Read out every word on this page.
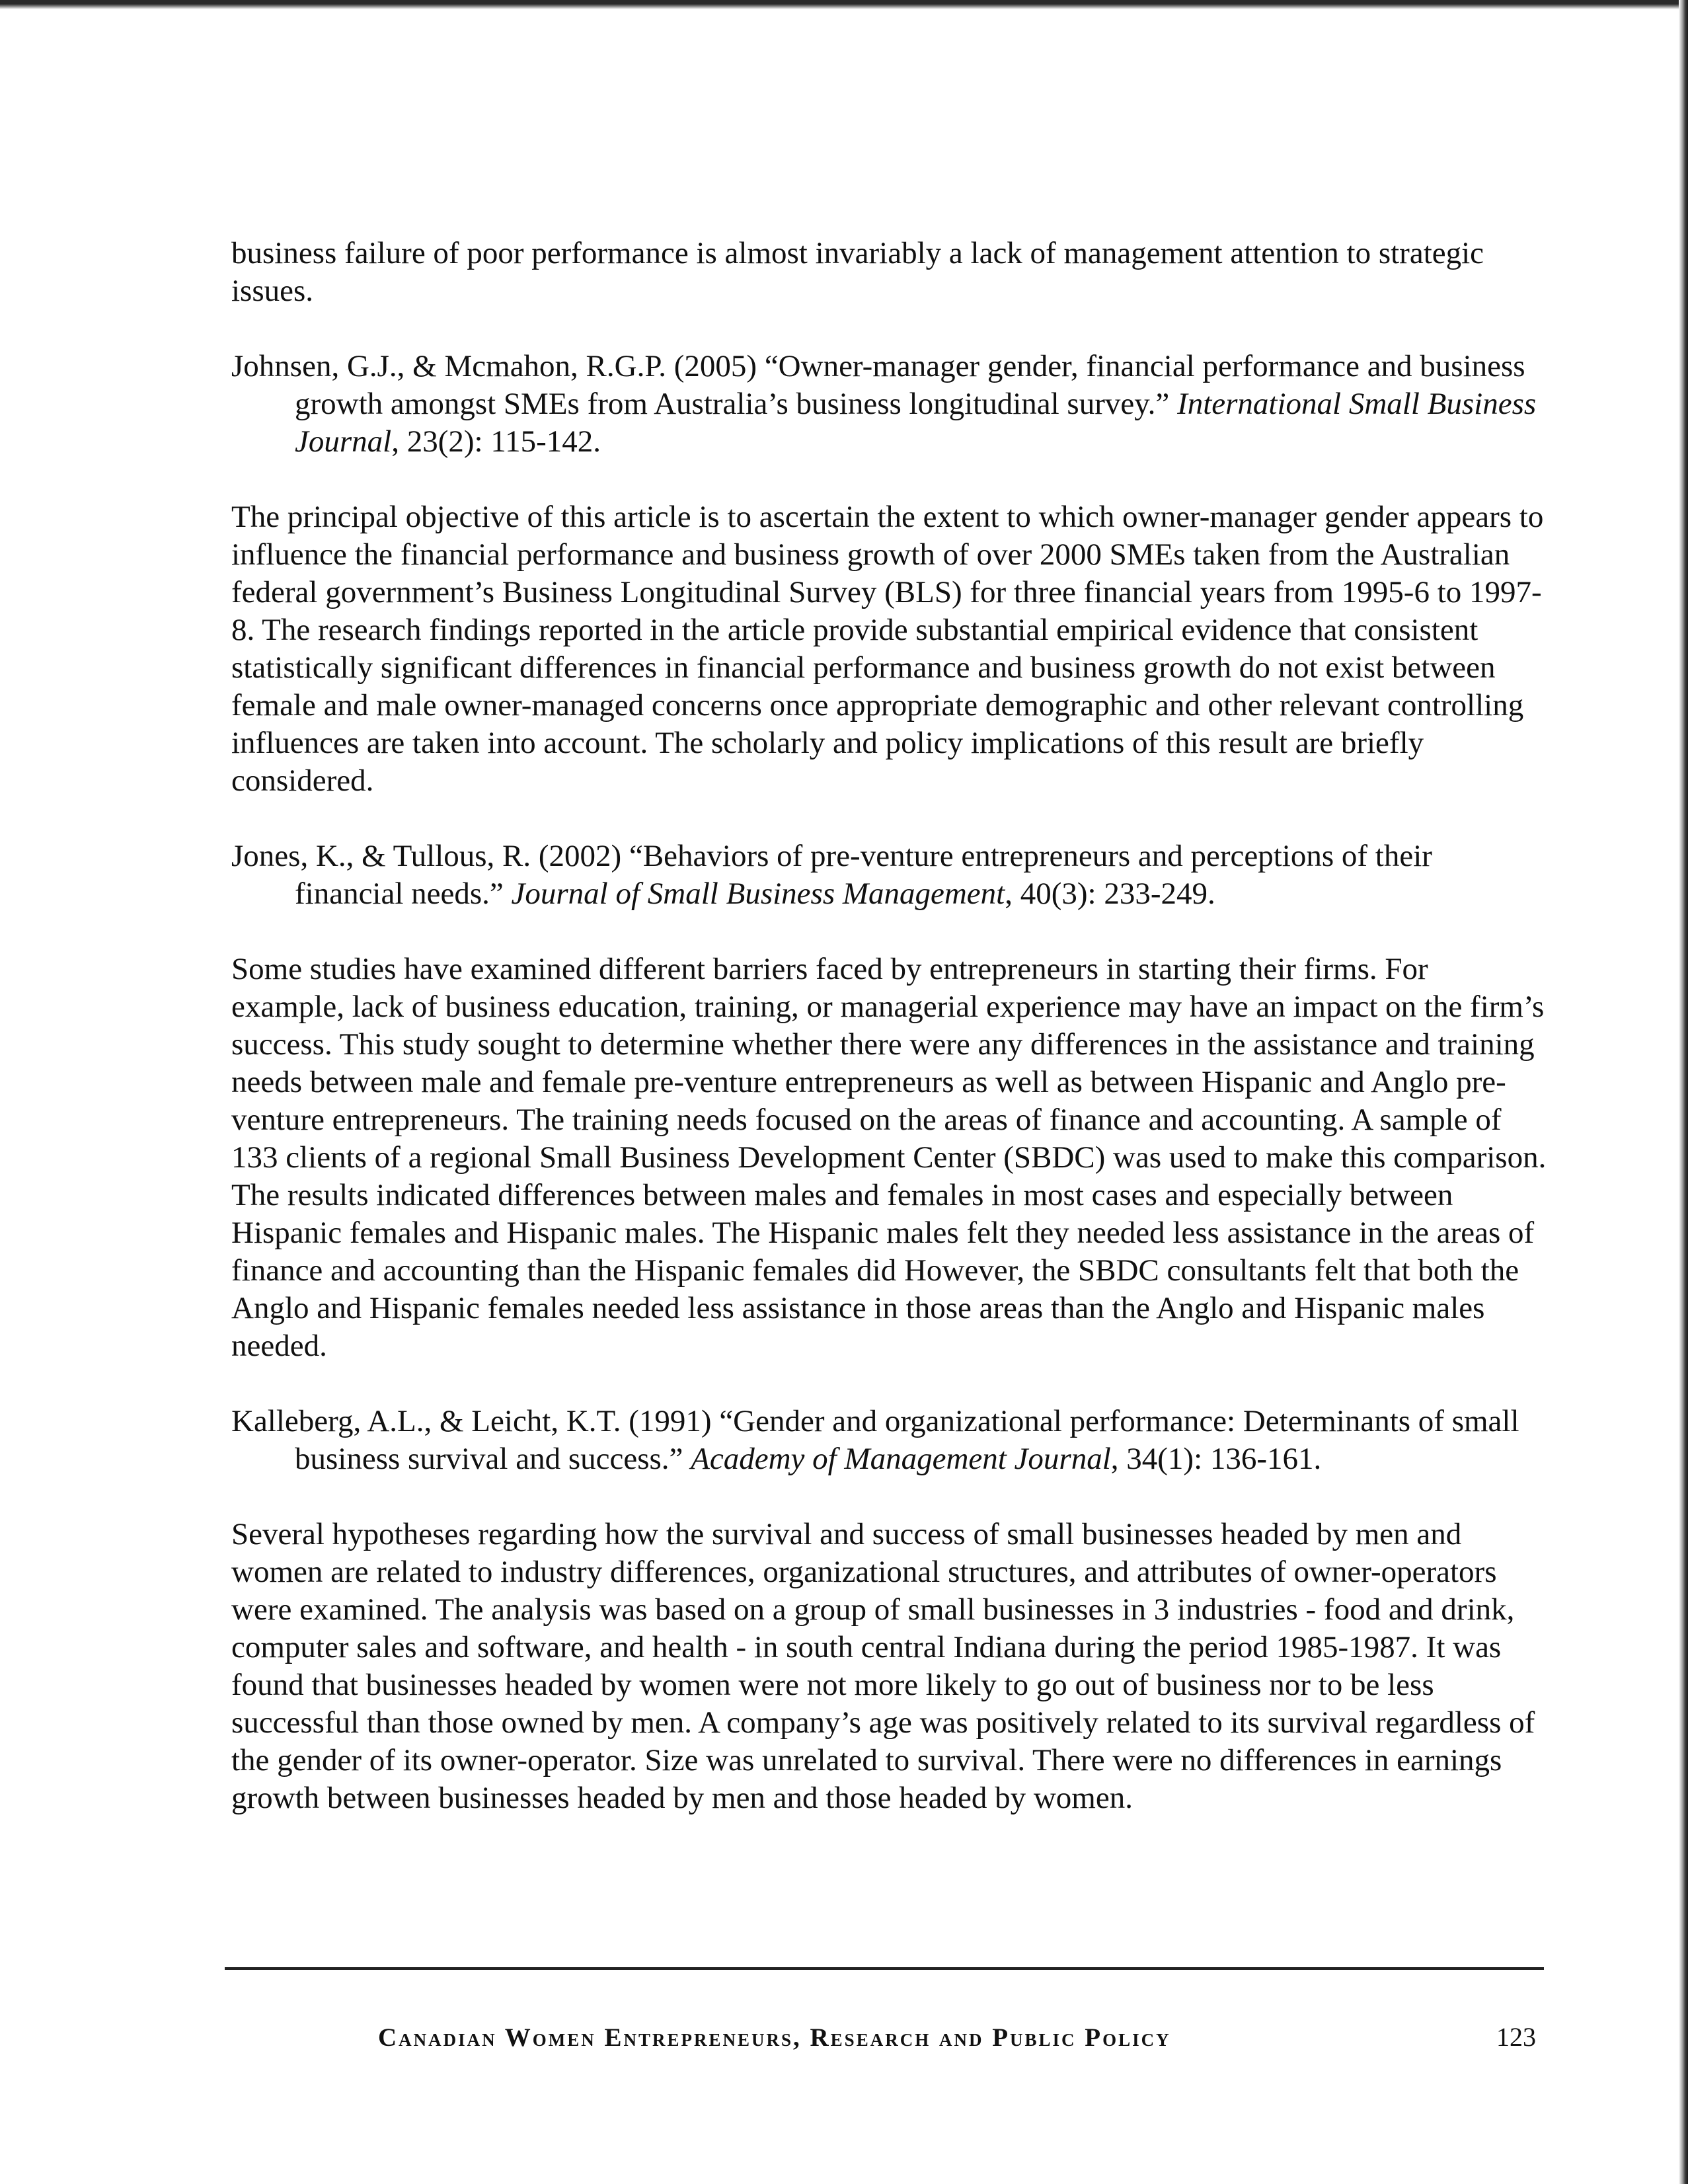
business failure of poor performance is almost invariably a lack of management attention to strategic issues.

Johnsen, G.J., & Mcmahon, R.G.P. (2005) “Owner-manager gender, financial performance and business growth amongst SMEs from Australia’s business longitudinal survey.” International Small Business Journal, 23(2): 115-142.

The principal objective of this article is to ascertain the extent to which owner-manager gender appears to influence the financial performance and business growth of over 2000 SMEs taken from the Australian federal government’s Business Longitudinal Survey (BLS) for three financial years from 1995-6 to 1997-8. The research findings reported in the article provide substantial empirical evidence that consistent statistically significant differences in financial performance and business growth do not exist between female and male owner-managed concerns once appropriate demographic and other relevant controlling influences are taken into account. The scholarly and policy implications of this result are briefly considered.

Jones, K., & Tullous, R. (2002) “Behaviors of pre-venture entrepreneurs and perceptions of their financial needs.” Journal of Small Business Management, 40(3): 233-249.

Some studies have examined different barriers faced by entrepreneurs in starting their firms. For example, lack of business education, training, or managerial experience may have an impact on the firm’s success. This study sought to determine whether there were any differences in the assistance and training needs between male and female pre-venture entrepreneurs as well as between Hispanic and Anglo pre-venture entrepreneurs. The training needs focused on the areas of finance and accounting. A sample of 133 clients of a regional Small Business Development Center (SBDC) was used to make this comparison. The results indicated differences between males and females in most cases and especially between Hispanic females and Hispanic males. The Hispanic males felt they needed less assistance in the areas of finance and accounting than the Hispanic females did However, the SBDC consultants felt that both the Anglo and Hispanic females needed less assistance in those areas than the Anglo and Hispanic males needed.

Kalleberg, A.L., & Leicht, K.T. (1991) “Gender and organizational performance: Determinants of small business survival and success.” Academy of Management Journal, 34(1): 136-161.

Several hypotheses regarding how the survival and success of small businesses headed by men and women are related to industry differences, organizational structures, and attributes of owner-operators were examined. The analysis was based on a group of small businesses in 3 industries - food and drink, computer sales and software, and health - in south central Indiana during the period 1985-1987. It was found that businesses headed by women were not more likely to go out of business nor to be less successful than those owned by men. A company’s age was positively related to its survival regardless of the gender of its owner-operator. Size was unrelated to survival. There were no differences in earnings growth between businesses headed by men and those headed by women.

Canadian Women Entrepreneurs, Research and Public Policy	123
